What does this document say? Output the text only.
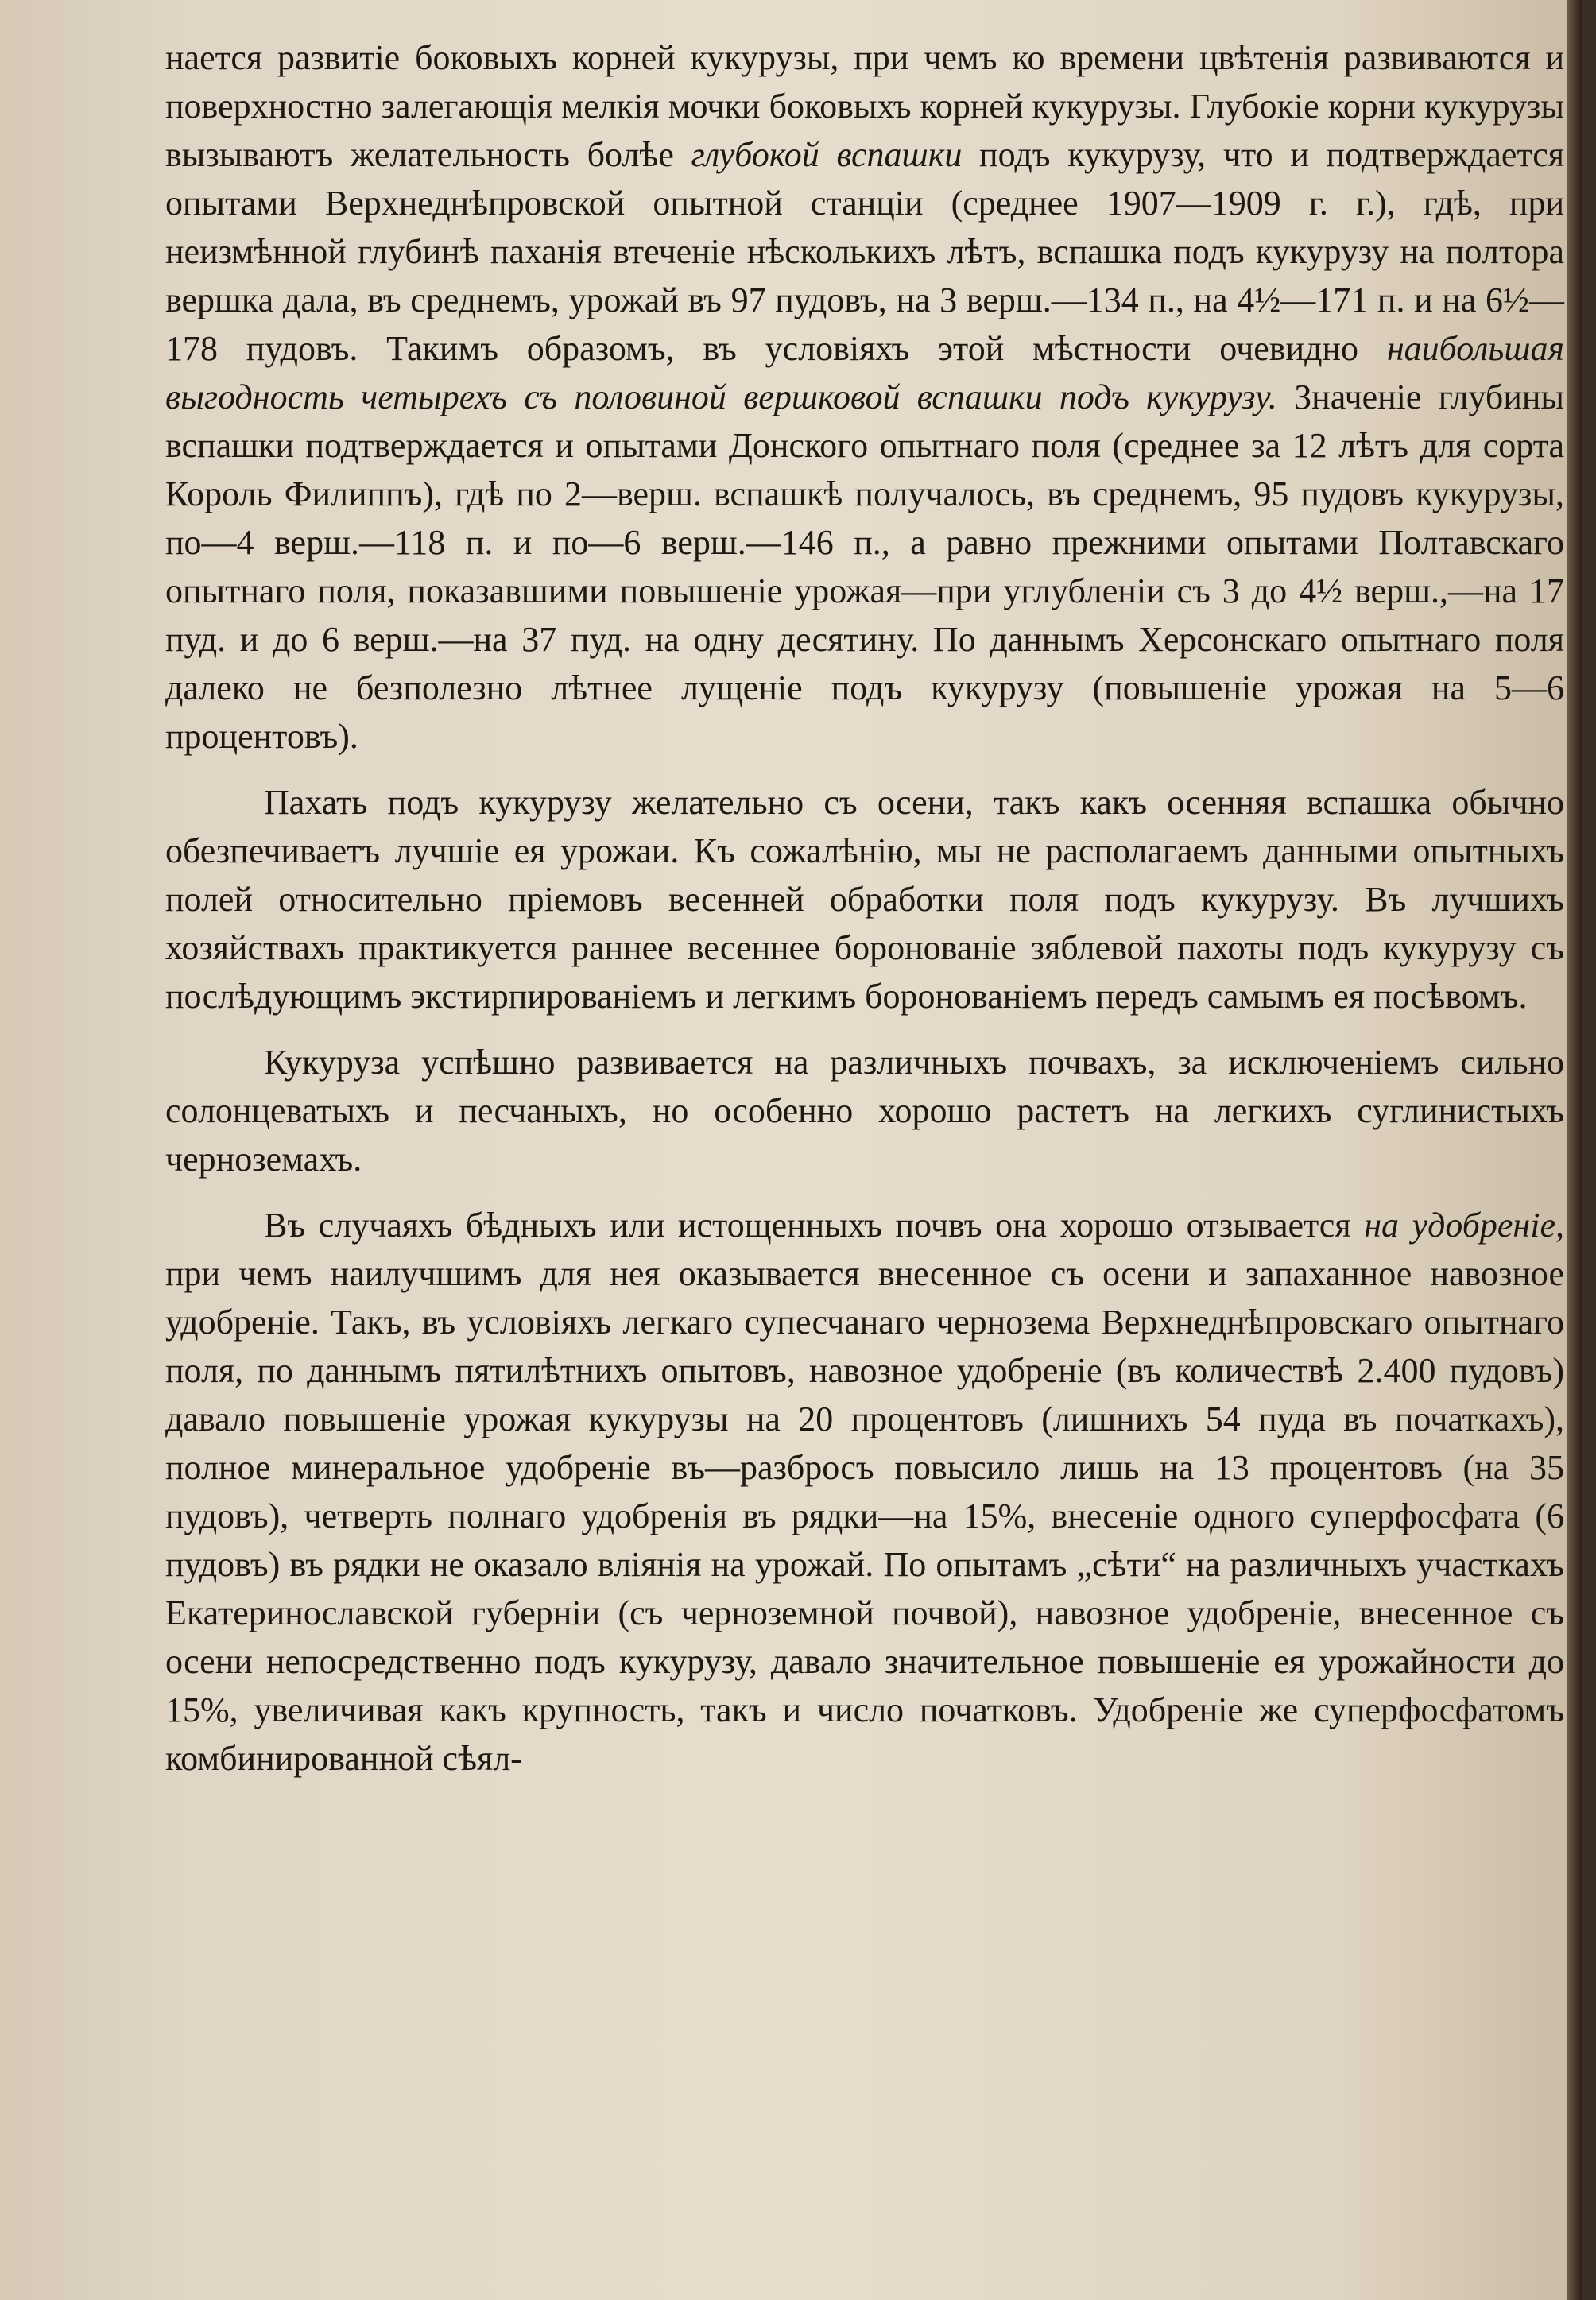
нается развитіе боковыхъ корней кукурузы, при чемъ ко времени цвѣтенія развиваются и поверхностно залегающія мелкія мочки боковыхъ корней кукурузы. Глубокіе корни кукурузы вызываютъ желательность болѣе глубокой вспашки подъ кукурузу, что и подтверждается опытами Верхнеднѣпровской опытной станціи (среднее 1907—1909 г. г.), гдѣ, при неизмѣнной глубинѣ паханія втеченіе нѣсколькихъ лѣтъ, вспашка подъ кукурузу на полтора вершка дала, въ среднемъ, урожай въ 97 пудовъ, на 3 верш.—134 п., на 4½—171 п. и на 6½—178 пудовъ. Такимъ образомъ, въ условіяхъ этой мѣстности очевидно наибольшая выгодность четырехъ съ половиной вершковой вспашки подъ кукурузу. Значеніе глубины вспашки подтверждается и опытами Донского опытнаго поля (среднее за 12 лѣтъ для сорта Король Филиппъ), гдѣ по 2—верш. вспашкѣ получалось, въ среднемъ, 95 пудовъ кукурузы, по—4 верш.—118 п. и по—6 верш.—146 п., а равно прежними опытами Полтавскаго опытнаго поля, показавшими повышеніе урожая—при углубленіи съ 3 до 4½ верш.,—на 17 пуд. и до 6 верш.—на 37 пуд. на одну десятину. По даннымъ Херсонскаго опытнаго поля далеко не безполезно лѣтнее лущеніе подъ кукурузу (повышеніе урожая на 5—6 процентовъ).

Пахать подъ кукурузу желательно съ осени, такъ какъ осенняя вспашка обычно обезпечиваетъ лучшіе ея урожаи. Къ сожалѣнію, мы не располагаемъ данными опытныхъ полей относительно пріемовъ весенней обработки поля подъ кукурузу. Въ лучшихъ хозяйствахъ практикуется раннее весеннее боронованіе зяблевой пахоты подъ кукурузу съ послѣдующимъ экстирпированіемъ и легкимъ боронованіемъ передъ самымъ ея посѣвомъ.

Кукуруза успѣшно развивается на различныхъ почвахъ, за исключеніемъ сильно солонцеватыхъ и песчаныхъ, но особенно хорошо растетъ на легкихъ суглинистыхъ черноземахъ.

Въ случаяхъ бѣдныхъ или истощенныхъ почвъ она хорошо отзывается на удобреніе, при чемъ наилучшимъ для нея оказывается внесенное съ осени и запаханное навозное удобреніе. Такъ, въ условіяхъ легкаго супесчанаго чернозема Верхнеднѣпровскаго опытнаго поля, по даннымъ пятилѣтнихъ опытовъ, навозное удобреніе (въ количествѣ 2.400 пудовъ) давало повышеніе урожая кукурузы на 20 процентовъ (лишнихъ 54 пуда въ початкахъ), полное минеральное удобреніе въ—разбросъ повысило лишь на 13 процентовъ (на 35 пудовъ), четверть полнаго удобренія въ рядки—на 15%, внесеніе одного суперфосфата (6 пудовъ) въ рядки не оказало вліянія на урожай. По опытамъ „сѣти“ на различныхъ участкахъ Екатеринославской губерніи (съ черноземной почвой), навозное удобреніе, внесенное съ осени непосредственно подъ кукурузу, давало значительное повышеніе ея урожайности до 15%, увеличивая какъ крупность, такъ и число початковъ. Удобреніе же суперфосфатомъ комбинированной сѣял-
